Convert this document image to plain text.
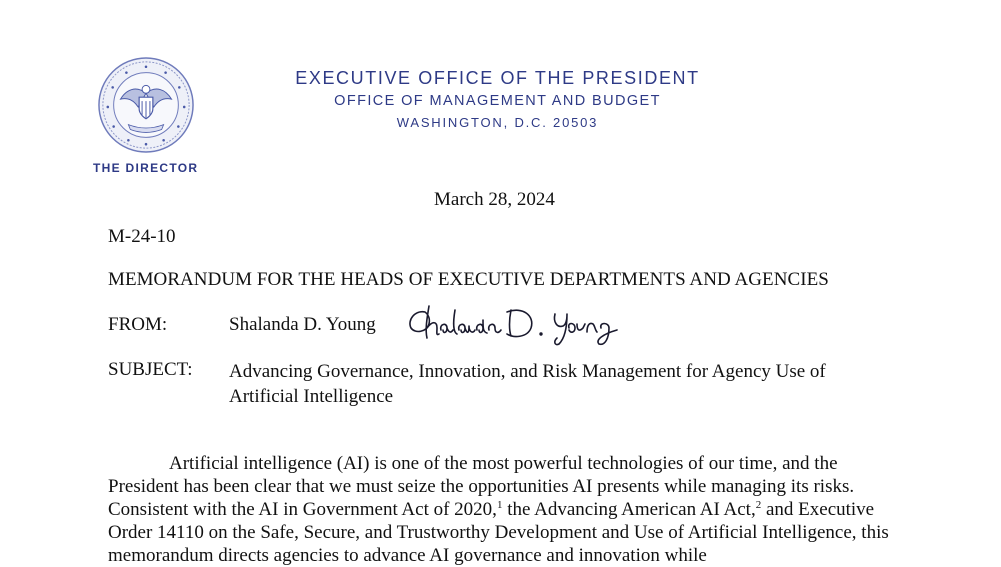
THE DIRECTOR
EXECUTIVE OFFICE OF THE PRESIDENT
OFFICE OF MANAGEMENT AND BUDGET
WASHINGTON, D.C. 20503
March 28, 2024
M-24-10
MEMORANDUM FOR THE HEADS OF EXECUTIVE DEPARTMENTS AND AGENCIES
FROM:	Shalanda D. Young
SUBJECT: Advancing Governance, Innovation, and Risk Management for Agency Use of Artificial Intelligence
Artificial intelligence (AI) is one of the most powerful technologies of our time, and the President has been clear that we must seize the opportunities AI presents while managing its risks. Consistent with the AI in Government Act of 2020,$^1$ the Advancing American AI Act,$^2$ and Executive Order 14110 on the Safe, Secure, and Trustworthy Development and Use of Artificial Intelligence, this memorandum directs agencies to advance AI governance and innovation while
